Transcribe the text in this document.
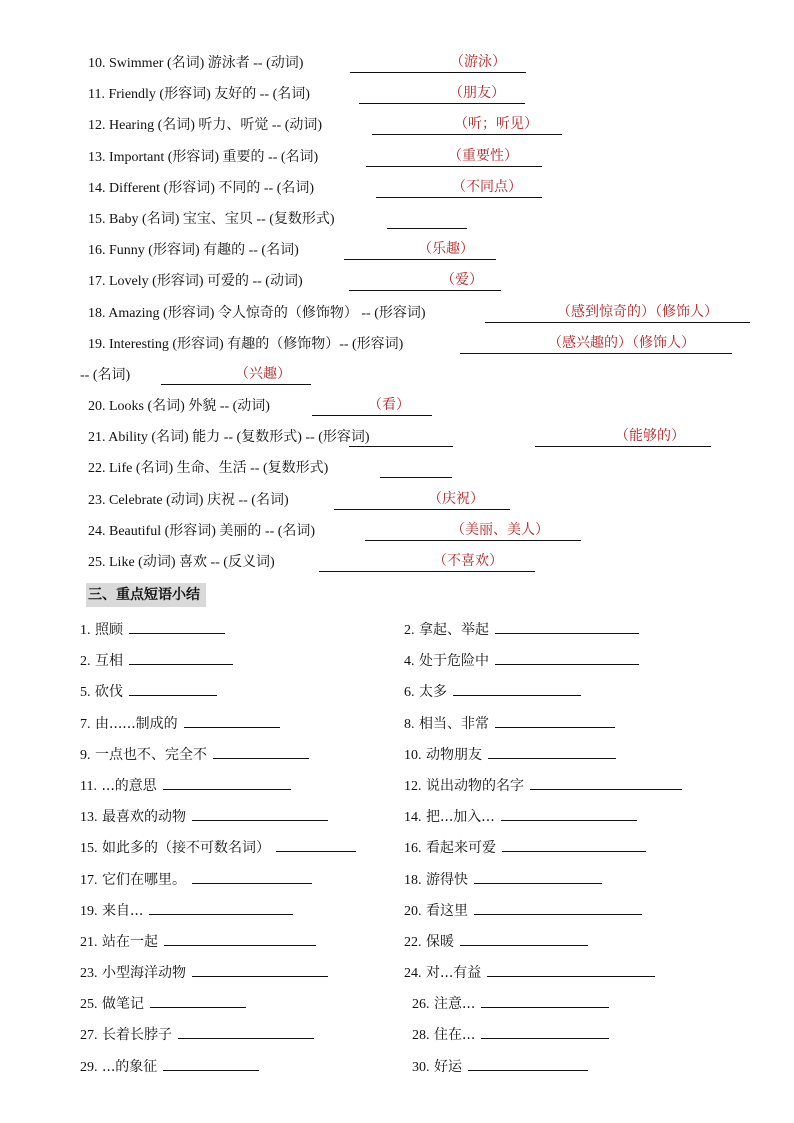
10. Swimmer (名词) 游泳者 -- (动词)	（游泳）
11. Friendly (形容词) 友好的 -- (名词)	（朋友）
12. Hearing (名词) 听力、听觉 -- (动词)	（听；听见）
13. Important (形容词) 重要的 -- (名词)	（重要性）
14. Different (形容词) 不同的 -- (名词)	（不同点）
15. Baby (名词) 宝宝、宝贝 -- (复数形式)
16. Funny (形容词) 有趣的 -- (名词)	（乐趣）
17. Lovely (形容词) 可爱的 -- (动词)	（爱）
18. Amazing (形容词) 令人惊奇的（修饰物） -- (形容词)	（感到惊奇的）（修饰人）
19. Interesting (形容词) 有趣的（修饰物）-- (形容词)	（感兴趣的）（修饰人）
-- (名词)	（兴趣）
20. Looks (名词) 外貌 -- (动词)	（看）
21. Ability (名词) 能力 -- (复数形式) -- (形容词)	（能够的）
22. Life (名词) 生命、生活 -- (复数形式)
23. Celebrate (动词) 庆祝 -- (名词)	（庆祝）
24. Beautiful (形容词) 美丽的 -- (名词)	（美丽、美人）
25. Like (动词) 喜欢 -- (反义词)	（不喜欢）
三、重点短语小结
1. 照顾	2. 拿起、举起
2. 互相	4. 处于危险中
5. 砍伐	6. 太多
7. 由......制成的	8. 相当、非常
9. 一点也不、完全不	10. 动物朋友
11. ...的意思	12. 说出动物的名字
13. 最喜欢的动物	14. 把...加入...
15. 如此多的（接不可数名词）	16. 看起来可爱
17. 它们在哪里。	18. 游得快
19. 来自...	20. 看这里
21. 站在一起	22. 保暖
23. 小型海洋动物	24. 对...有益
25. 做笔记	26. 注意...
27. 长着长脖子	28. 住在...
29. ...的象征	30. 好运
